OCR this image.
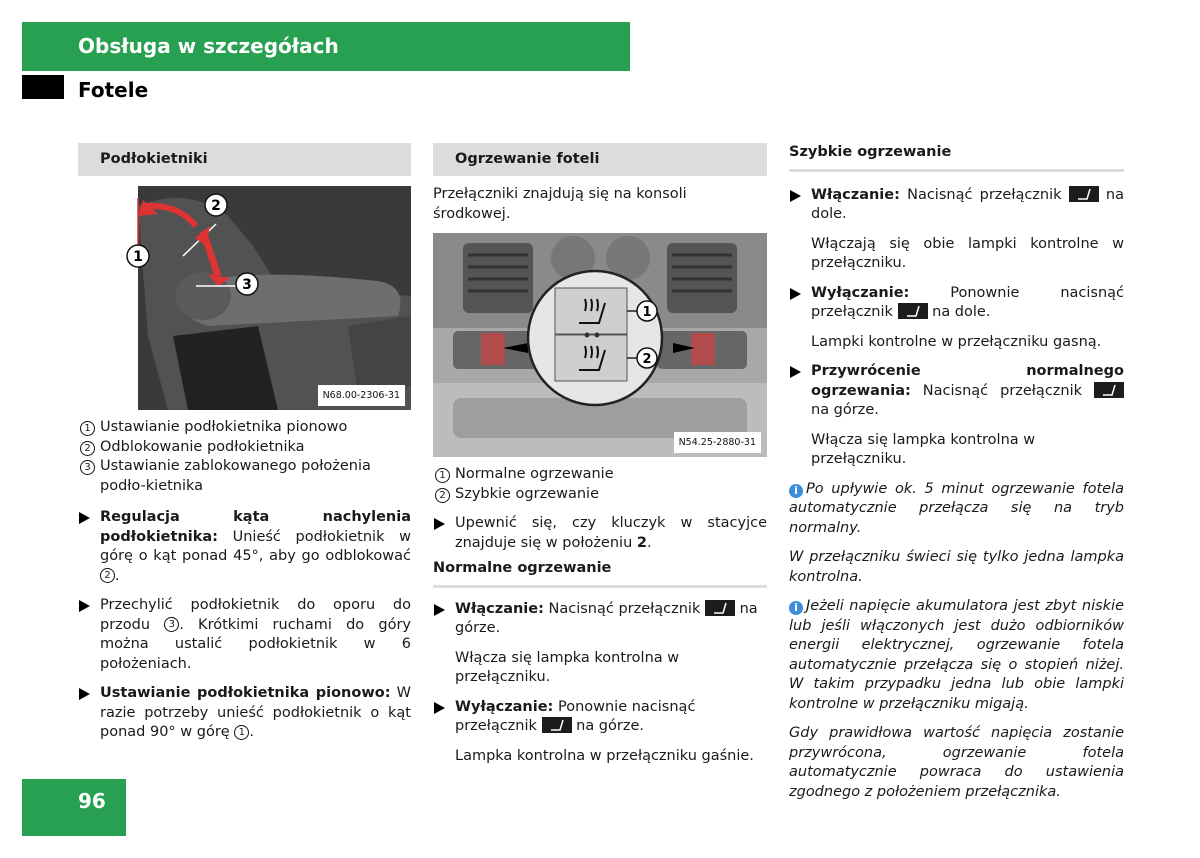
Obsługa w szczegółach
Fotele
Podłokietniki
2
1
3
N68.00-2306-31
1 Ustawianie podłokietnika pionowo
2 Odblokowanie podłokietnika
3 Ustawianie zablokowanego położenia podło-kietnika
Regulacja kąta nachylenia podłokietnika: Unieść podłokietnik w górę o kąt ponad 45°, aby go odblokować 2 .
Przechylić podłokietnik do oporu do przodu 3 . Krótkimi ruchami do góry można ustalić podłokietnik w 6 położeniach.
Ustawianie podłokietnika pionowo: W razie potrzeby unieść podłokietnik o kąt ponad 90° w górę 1 .
Ogrzewanie foteli
Przełączniki znajdują się na konsoli środkowej.
1
2
N54.25-2880-31
1 Normalne ogrzewanie
2 Szybkie ogrzewanie
Upewnić się, czy kluczyk w stacyjce znajduje się w położeniu 2.
Normalne ogrzewanie
Włączanie: Nacisnąć przełącznik
na górze.
Włącza się lampka kontrolna w przełączniku.
Wyłączanie: Ponownie nacisnąć przełącznik
na górze.
Lampka kontrolna w przełączniku gaśnie.
Szybkie ogrzewanie
Włączanie: Nacisnąć przełącznik
na dole.
Włączają się obie lampki kontrolne w przełączniku.
Wyłączanie: Ponownie nacisnąć przełącznik
na dole.
Lampki kontrolne w przełączniku gasną.
Przywrócenie normalnego ogrzewania: Nacisnąć przełącznik
na górze.
Włącza się lampka kontrolna w przełączniku.
i Po upływie ok. 5 minut ogrzewanie fotela automatycznie przełącza się na tryb normalny.
W przełączniku świeci się tylko jedna lampka kontrolna.
i Jeżeli napięcie akumulatora jest zbyt niskie lub jeśli włączonych jest dużo odbiorników energii elektrycznej, ogrzewanie fotela automatycznie przełącza się o stopień niżej. W takim przypadku jedna lub obie lampki kontrolne w przełączniku migają.
Gdy prawidłowa wartość napięcia zostanie przywrócona, ogrzewanie fotela automatycznie powraca do ustawienia zgodnego z położeniem przełącznika.
96
